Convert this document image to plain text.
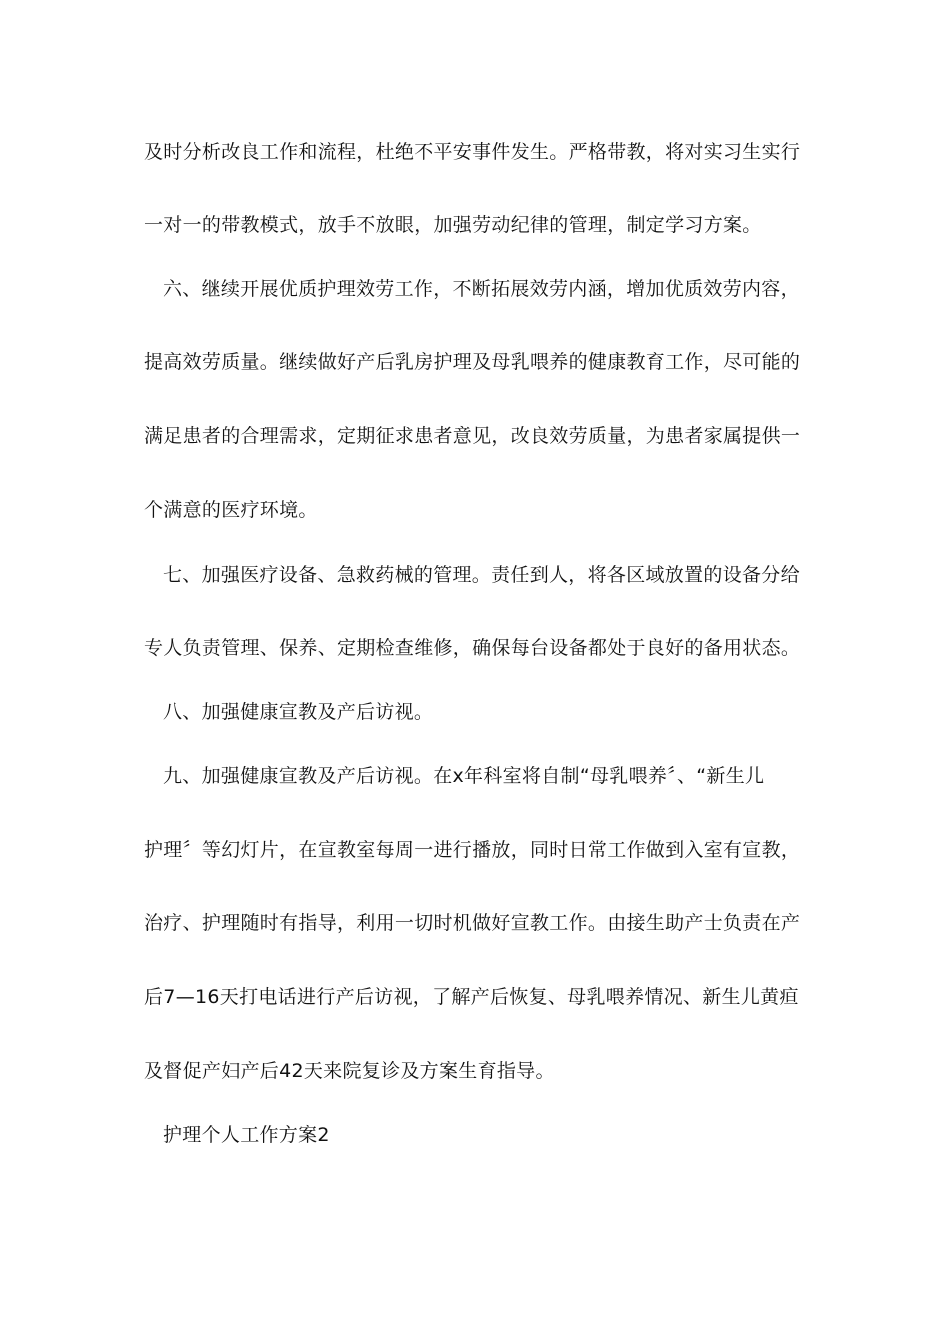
及时分析改良工作和流程，杜绝不平安事件发生。严格带教，将对实习生实行
一对一的带教模式，放手不放眼，加强劳动纪律的管理，制定学习方案。
六、继续开展优质护理效劳工作，不断拓展效劳内涵，增加优质效劳内容，
提高效劳质量。继续做好产后乳房护理及母乳喂养的健康教育工作，尽可能的
满足患者的合理需求，定期征求患者意见，改良效劳质量，为患者家属提供一
个满意的医疗环境。
七、加强医疗设备、急救药械的管理。责任到人，将各区域放置的设备分给
专人负责管理、保养、定期检查维修，确保每台设备都处于良好的备用状态。
八、加强健康宣教及产后访视。
九、加强健康宣教及产后访视。在x年科室将自制“母乳喂养〞、“新生儿
护理〞等幻灯片，在宣教室每周一进行播放，同时日常工作做到入室有宣教，
治疗、护理随时有指导，利用一切时机做好宣教工作。由接生助产士负责在产
后7—16天打电话进行产后访视，了解产后恢复、母乳喂养情况、新生儿黄疸
及督促产妇产后42天来院复诊及方案生育指导。
护理个人工作方案2
